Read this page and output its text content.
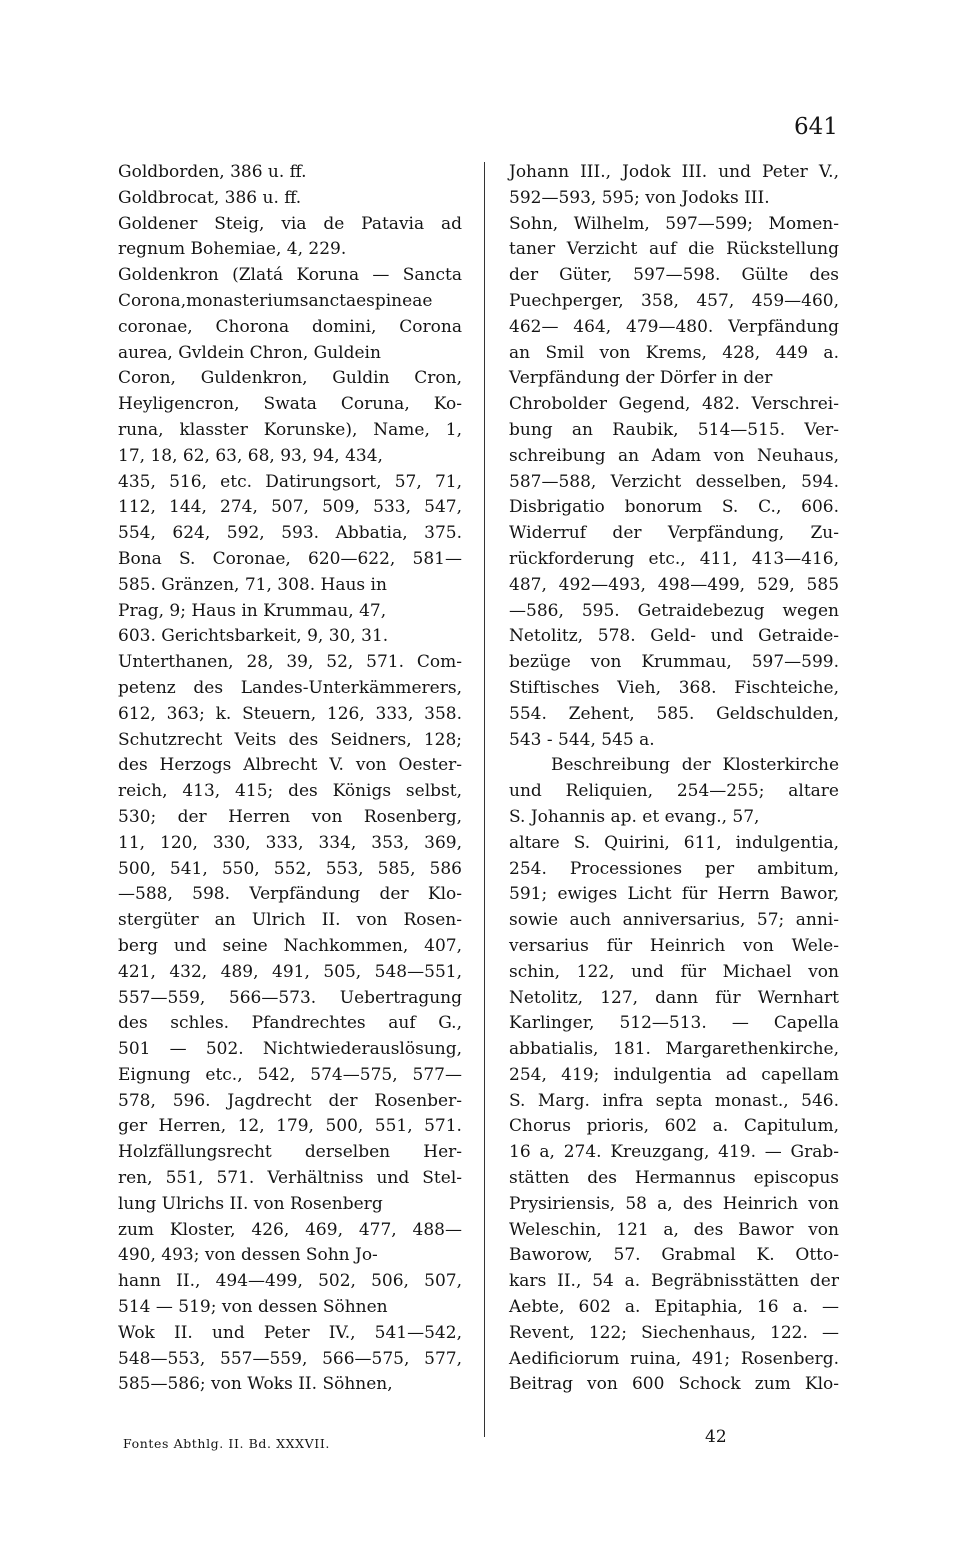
641
Goldborden, 386 u. ff.
Goldbrocat, 386 u. ff.
Goldener Steig, via de Patavia ad
regnum Bohemiae, 4, 229.
Goldenkron (Zlatá Koruna — Sancta
Corona,monasteriumsanctaespineae
coronae, Chorona domini, Corona
aurea, Gvldein Chron, Guldein
Coron, Guldenkron, Guldin Cron,
Heyligencron, Swata Coruna, Ko-
runa, klasster Korunske), Name, 1,
17, 18, 62, 63, 68, 93, 94, 434,
435, 516, etc. Datirungsort, 57, 71,
112, 144, 274, 507, 509, 533, 547,
554, 624, 592, 593. Abbatia, 375.
Bona S. Coronae, 620—622, 581—
585. Gränzen, 71, 308. Haus in
Prag, 9; Haus in Krummau, 47,
603. Gerichtsbarkeit, 9, 30, 31.
Unterthanen, 28, 39, 52, 571. Com-
petenz des Landes-Unterkämmerers,
612, 363; k. Steuern, 126, 333, 358.
Schutzrecht Veits des Seidners, 128;
des Herzogs Albrecht V. von Oester-
reich, 413, 415; des Königs selbst,
530; der Herren von Rosenberg,
11, 120, 330, 333, 334, 353, 369,
500, 541, 550, 552, 553, 585, 586
—588, 598. Verpfändung der Klo-
stergüter an Ulrich II. von Rosen-
berg und seine Nachkommen, 407,
421, 432, 489, 491, 505, 548—551,
557—559, 566—573. Uebertragung
des schles. Pfandrechtes auf G.,
501 — 502. Nichtwiederauslösung,
Eignung etc., 542, 574—575, 577—
578, 596. Jagdrecht der Rosenber-
ger Herren, 12, 179, 500, 551, 571.
Holzfällungsrecht derselben Her-
ren, 551, 571. Verhältniss und Stel-
lung Ulrichs II. von Rosenberg
zum Kloster, 426, 469, 477, 488—
490, 493; von dessen Sohn Jo-
hann II., 494—499, 502, 506, 507,
514 — 519; von dessen Söhnen
Wok II. und Peter IV., 541—542,
548—553, 557—559, 566—575, 577,
585—586; von Woks II. Söhnen,
Johann III., Jodok III. und Peter V.,
592—593, 595; von Jodoks III.
Sohn, Wilhelm, 597—599; Momen-
taner Verzicht auf die Rückstellung
der Güter, 597—598. Gülte des
Puechperger, 358, 457, 459—460,
462— 464, 479—480. Verpfändung
an Smil von Krems, 428, 449 a.
Verpfändung der Dörfer in der
Chrobolder Gegend, 482. Verschrei-
bung an Raubik, 514—515. Ver-
schreibung an Adam von Neuhaus,
587—588, Verzicht desselben, 594.
Disbrigatio bonorum S. C., 606.
Widerruf der Verpfändung, Zu-
rückforderung etc., 411, 413—416,
487, 492—493, 498—499, 529, 585
—586, 595. Getraidebezug wegen
Netolitz, 578. Geld- und Getraide-
bezüge von Krummau, 597—599.
Stiftisches Vieh, 368. Fischteiche,
554. Zehent, 585. Geldschulden,
543 - 544, 545 a.
Beschreibung der Klosterkirche
und Reliquien, 254—255; altare
S. Johannis ap. et evang., 57,
altare S. Quirini, 611, indulgentia,
254. Processiones per ambitum,
591; ewiges Licht für Herrn Bawor,
sowie auch anniversarius, 57; anni-
versarius für Heinrich von Wele-
schin, 122, und für Michael von
Netolitz, 127, dann für Wernhart
Karlinger, 512—513. — Capella
abbatialis, 181. Margarethenkirche,
254, 419; indulgentia ad capellam
S. Marg. infra septa monast., 546.
Chorus prioris, 602 a. Capitulum,
16 a, 274. Kreuzgang, 419. — Grab-
stätten des Hermannus episcopus
Prysiriensis, 58 a, des Heinrich von
Weleschin, 121 a, des Bawor von
Baworow, 57. Grabmal K. Otto-
kars II., 54 a. Begräbnisstätten der
Aebte, 602 a. Epitaphia, 16 a. —
Revent, 122; Siechenhaus, 122. —
Aedificiorum ruina, 491; Rosenberg.
Beitrag von 600 Schock zum Klo-
Fontes Abthlg. II. Bd. XXXVII.	42
